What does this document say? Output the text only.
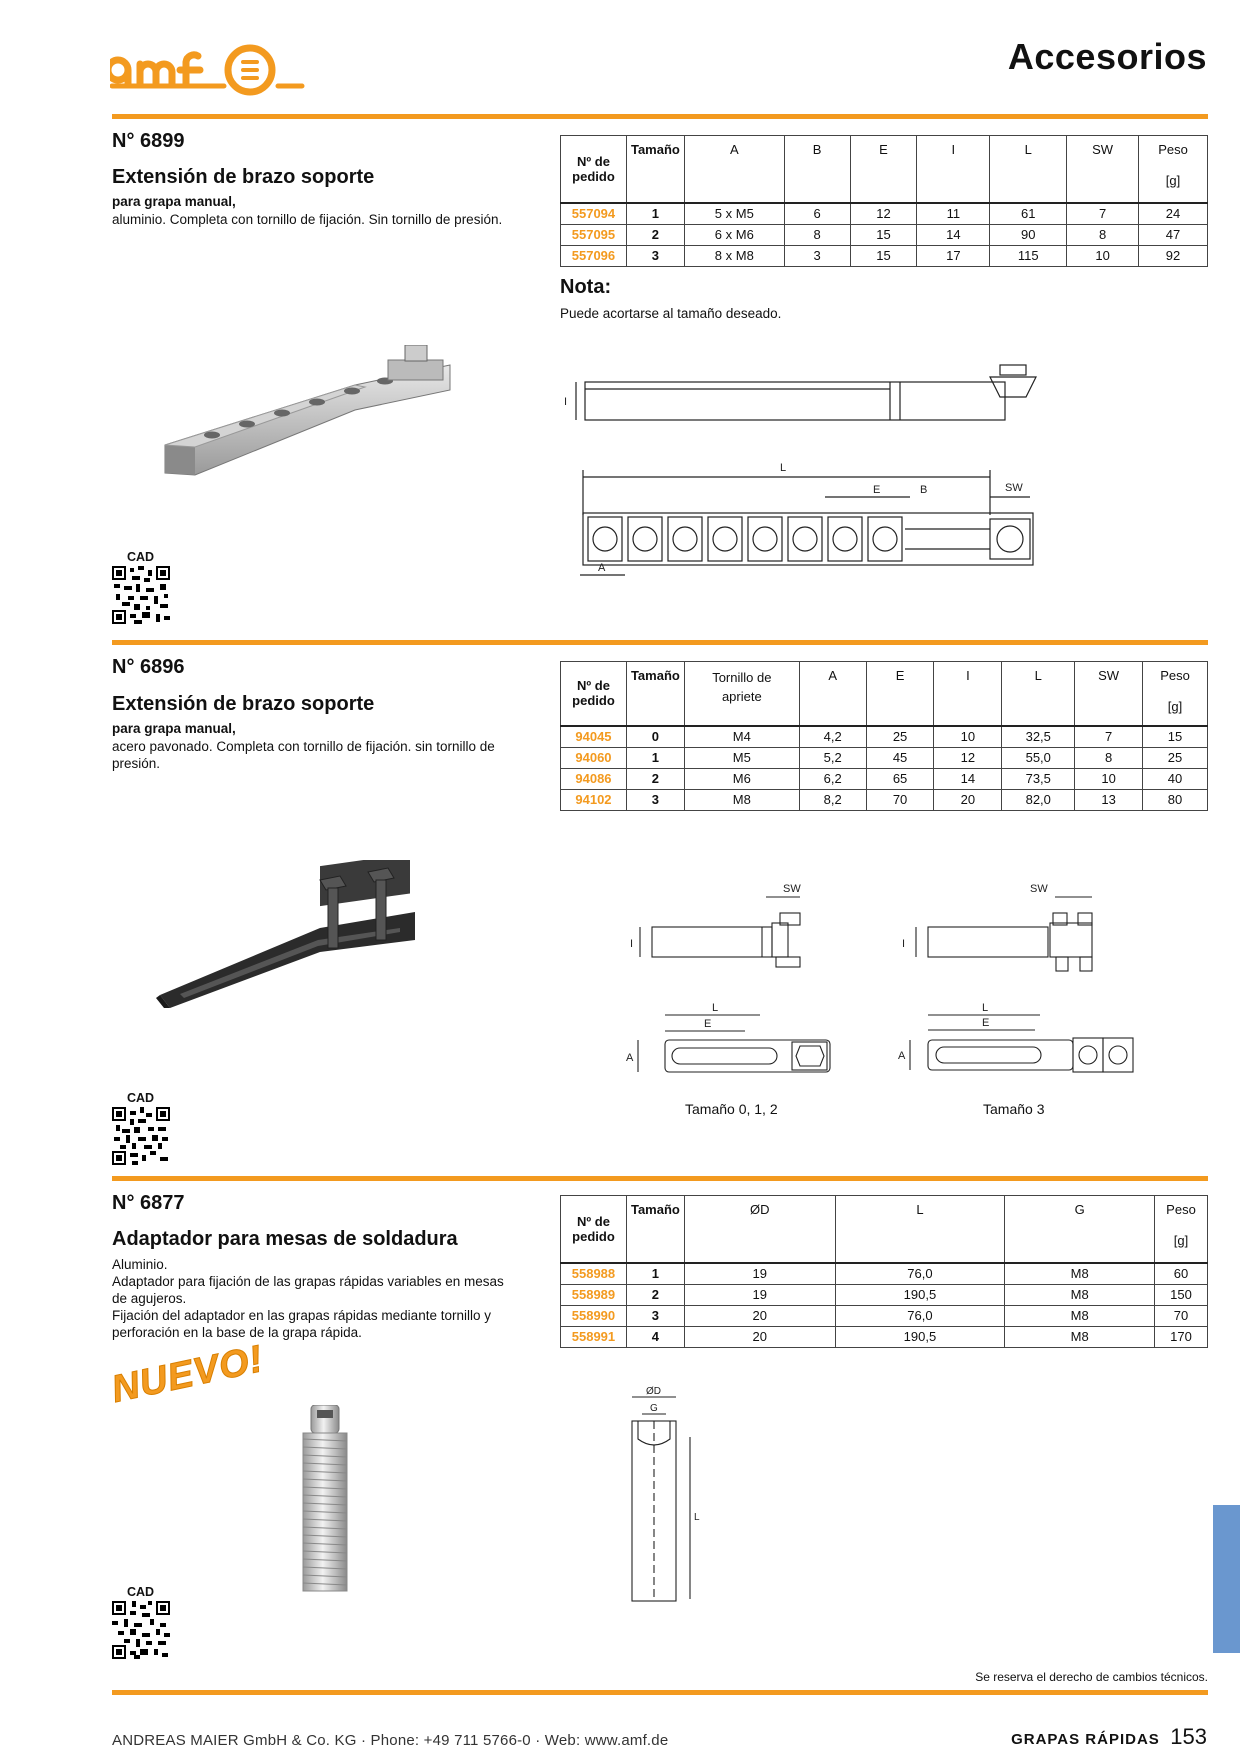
Accesorios
N° 6899
Extensión de brazo soporte
para grapa manual,
aluminio. Completa con tornillo de fijación. Sin tornillo de presión.
Nº de pedido	Tamaño	A	B	E	I	L	SW	Peso
[g]

557094	1	5 x M5	6	12	11	61	7	24
557095	2	6 x M6	8	15	14	90	8	47
557096	3	8 x M8	3	15	17	115	10	92
Nota:
Puede acortarse al tamaño deseado.
I
L
E	B	SW
A
CAD
N° 6896
Extensión de brazo soporte
para grapa manual,
acero pavonado. Completa con tornillo de fijación. sin tornillo de presión.
Nº de pedido	Tamaño	Tornillo de apriete	A	E	I	L	SW	Peso
[g]

94045	0	M4	4,2	25	10	32,5	7	15
94060	1	M5	5,2	45	12	55,0	8	25
94086	2	M6	6,2	65	14	73,5	10	40
94102	3	M8	8,2	70	20	82,0	13	80
SW
I
L
E
A
Tamaño 0, 1, 2
SW
I
L
E
A
Tamaño 3
CAD
N° 6877
Adaptador para mesas de soldadura
Aluminio.
Adaptador para fijación de las grapas rápidas variables en mesas de agujeros.
Fijación del adaptador en las grapas rápidas mediante tornillo y perforación en la base de la grapa rápida.
Nº de pedido	Tamaño	ØD	L	G	Peso
[g]

558988	1	19	76,0	M8	60
558989	2	19	190,5	M8	150
558990	3	20	76,0	M8	70
558991	4	20	190,5	M8	170
NUEVO!	ØD
G
L
CAD
Se reserva el derecho de cambios técnicos.
ANDREAS MAIER GmbH & Co. KG · Phone: +49 711 5766-0 · Web: www.amf.de	GRAPAS RÁPIDAS 153
